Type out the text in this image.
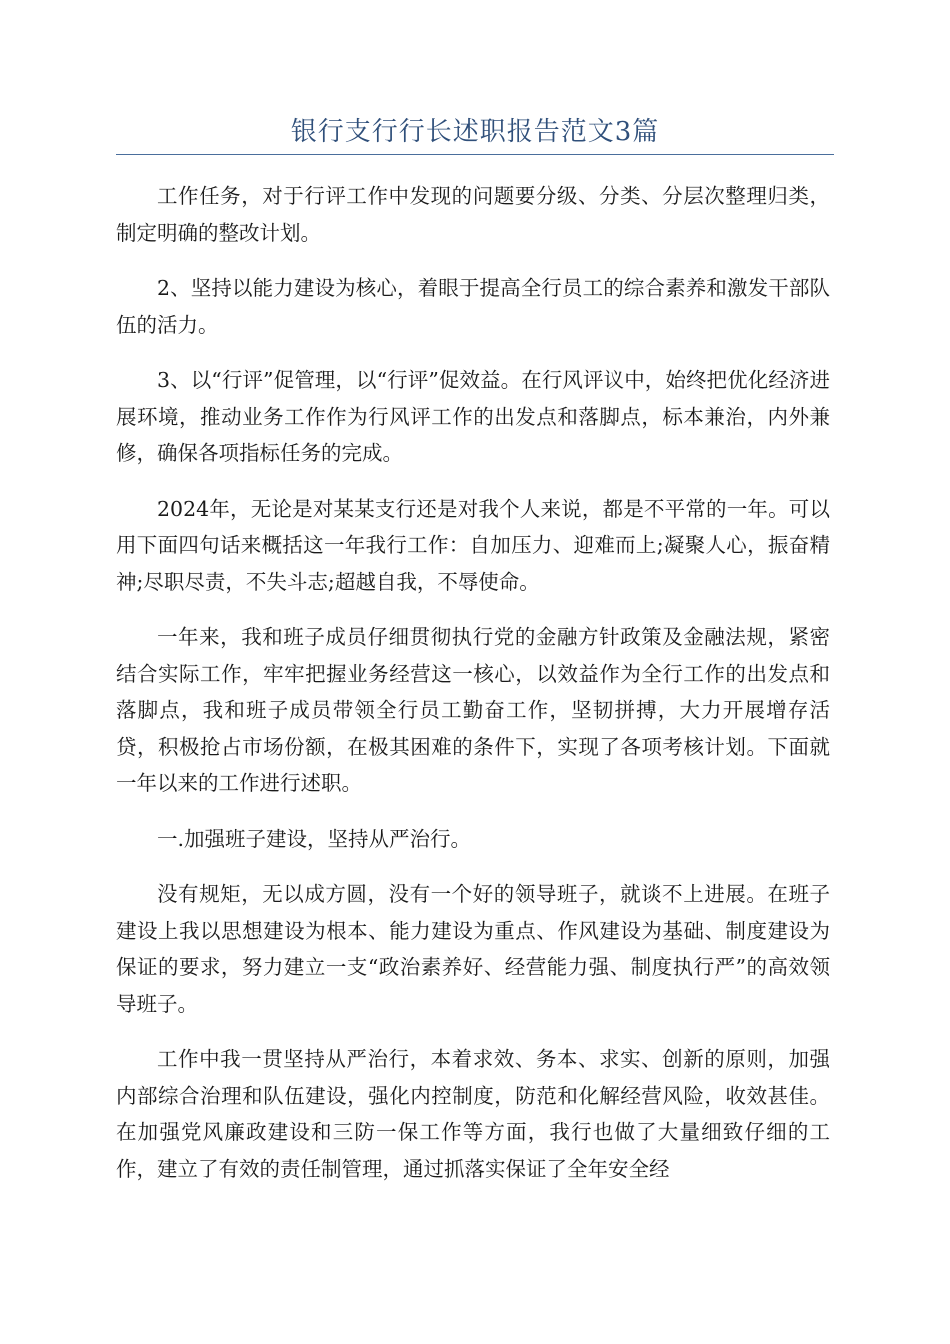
银行支行行长述职报告范文3篇

工作任务，对于行评工作中发现的问题要分级、分类、分层次整理归类，制定明确的整改计划。

2、坚持以能力建设为核心，着眼于提高全行员工的综合素养和激发干部队伍的活力。

3、以“行评”促管理，以“行评”促效益。在行风评议中，始终把优化经济进展环境，推动业务工作作为行风评工作的出发点和落脚点，标本兼治，内外兼修，确保各项指标任务的完成。

2024年，无论是对某某支行还是对我个人来说，都是不平常的一年。可以用下面四句话来概括这一年我行工作：自加压力、迎难而上;凝聚人心，振奋精神;尽职尽责，不失斗志;超越自我，不辱使命。

一年来，我和班子成员仔细贯彻执行党的金融方针政策及金融法规，紧密结合实际工作，牢牢把握业务经营这一核心，以效益作为全行工作的出发点和落脚点，我和班子成员带领全行员工勤奋工作，坚韧拼搏，大力开展增存活贷，积极抢占市场份额，在极其困难的条件下，实现了各项考核计划。下面就一年以来的工作进行述职。

一.加强班子建设，坚持从严治行。

没有规矩，无以成方圆，没有一个好的领导班子，就谈不上进展。在班子建设上我以思想建设为根本、能力建设为重点、作风建设为基础、制度建设为保证的要求，努力建立一支“政治素养好、经营能力强、制度执行严”的高效领导班子。

工作中我一贯坚持从严治行，本着求效、务本、求实、创新的原则，加强内部综合治理和队伍建设，强化内控制度，防范和化解经营风险，收效甚佳。在加强党风廉政建设和三防一保工作等方面，我行也做了大量细致仔细的工作，建立了有效的责任制管理，通过抓落实保证了全年安全经
